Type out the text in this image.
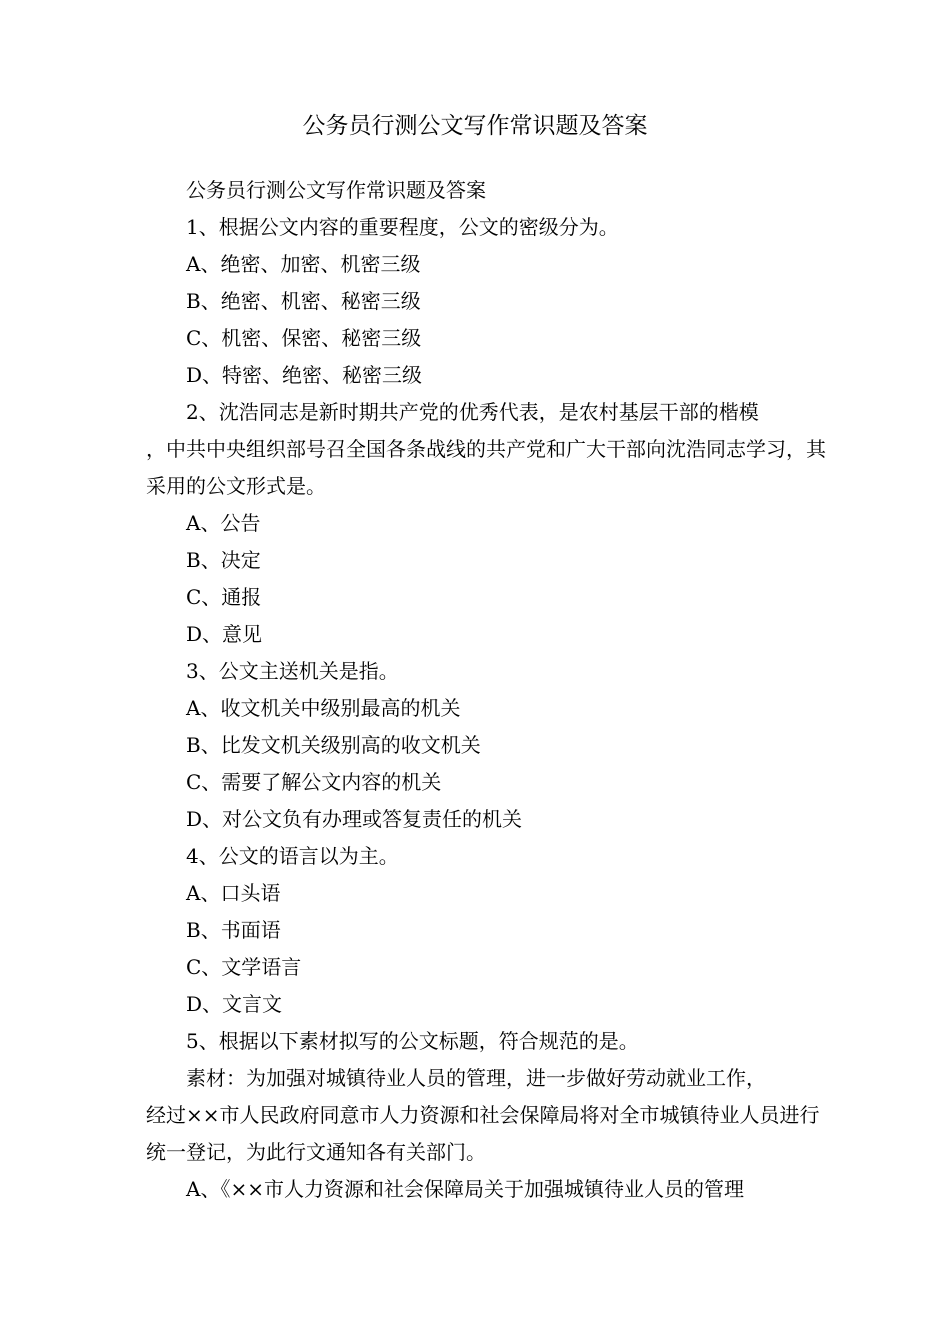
公务员行测公文写作常识题及答案

公务员行测公文写作常识题及答案

1、根据公文内容的重要程度，公文的密级分为。

A、绝密、加密、机密三级

B、绝密、机密、秘密三级

C、机密、保密、秘密三级

D、特密、绝密、秘密三级

2、沈浩同志是新时期共产党的优秀代表，是农村基层干部的楷模
，中共中央组织部号召全国各条战线的共产党和广大干部向沈浩同志学习，其
采用的公文形式是。

A、公告

B、决定

C、通报

D、意见

3、公文主送机关是指。

A、收文机关中级别最高的机关

B、比发文机关级别高的收文机关

C、需要了解公文内容的机关

D、对公文负有办理或答复责任的机关

4、公文的语言以为主。

A、口头语

B、书面语

C、文学语言

D、文言文

5、根据以下素材拟写的公文标题，符合规范的是。

素材：为加强对城镇待业人员的管理，进一步做好劳动就业工作，
经过××市人民政府同意市人力资源和社会保障局将对全市城镇待业人员进行
统一登记，为此行文通知各有关部门。

A、《××市人力资源和社会保障局关于加强城镇待业人员的管理
